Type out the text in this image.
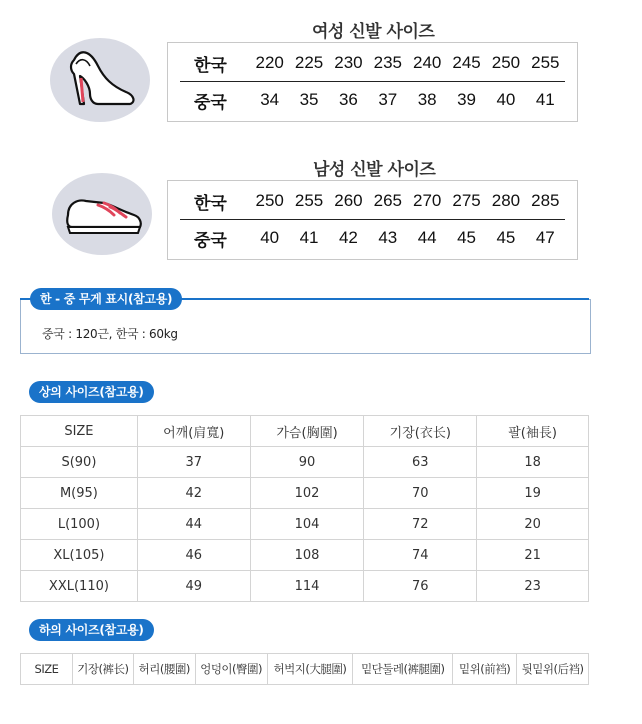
여성 신발 사이즈
한국	220 225 230 235 240 245 250 255
중국	34	35	36	37	38	39	40	41
남성 신발 사이즈
한국	250 255 260 265 270 275 280 285
중국	40	41	42	43	44	45	45	47
한 - 중 무게 표시(참고용)
중국 : 120근, 한국 : 60kg
상의 사이즈(참고용)
SIZE	어깨(肩寬)	가슴(胸圍)	기장(衣长)	팔(袖長)
S(90)	37	90	63	18
M(95)	42	102	70	19
L(100)	44	104	72	20
XL(105)	46	108	74	21
XXL(110)	49	114	76	23
하의 사이즈(참고용)
SIZE	기장(裤长)	허리(腰圍)	엉덩이(臀圍)	허벅지(大腿圍)	밑단둘레(裤腿圍)	밑위(前裆)	뒷밑위(后裆)
